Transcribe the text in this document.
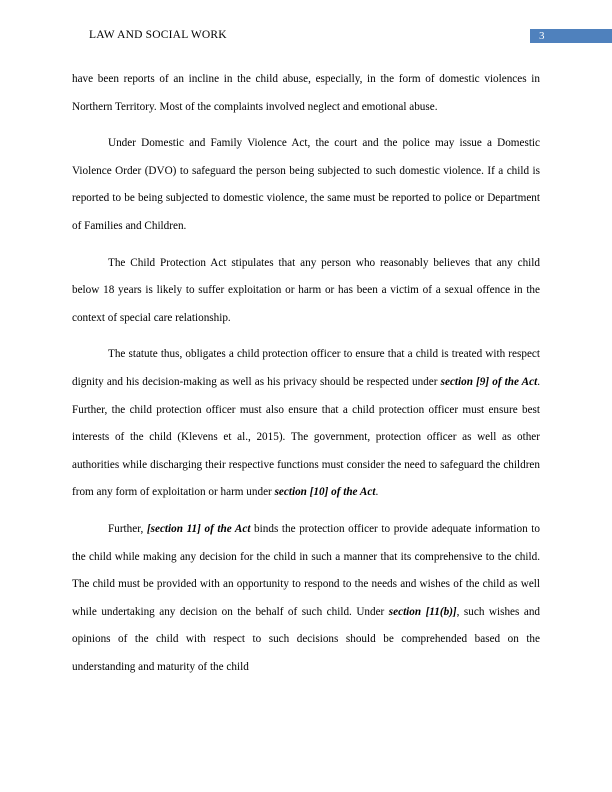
LAW AND SOCIAL WORK	3

have been reports of an incline in the child abuse, especially, in the form of domestic violences in Northern Territory. Most of the complaints involved neglect and emotional abuse.

Under Domestic and Family Violence Act, the court and the police may issue a Domestic Violence Order (DVO) to safeguard the person being subjected to such domestic violence. If a child is reported to be being subjected to domestic violence, the same must be reported to police or Department of Families and Children.

The Child Protection Act stipulates that any person who reasonably believes that any child below 18 years is likely to suffer exploitation or harm or has been a victim of a sexual offence in the context of special care relationship.

The statute thus, obligates a child protection officer to ensure that a child is treated with respect dignity and his decision-making as well as his privacy should be respected under section [9] of the Act. Further, the child protection officer must also ensure that a child protection officer must ensure best interests of the child (Klevens et al., 2015). The government, protection officer as well as other authorities while discharging their respective functions must consider the need to safeguard the children from any form of exploitation or harm under section [10] of the Act.

Further, [section 11] of the Act binds the protection officer to provide adequate information to the child while making any decision for the child in such a manner that its comprehensive to the child. The child must be provided with an opportunity to respond to the needs and wishes of the child as well while undertaking any decision on the behalf of such child. Under section [11(b)], such wishes and opinions of the child with respect to such decisions should be comprehended based on the understanding and maturity of the child
